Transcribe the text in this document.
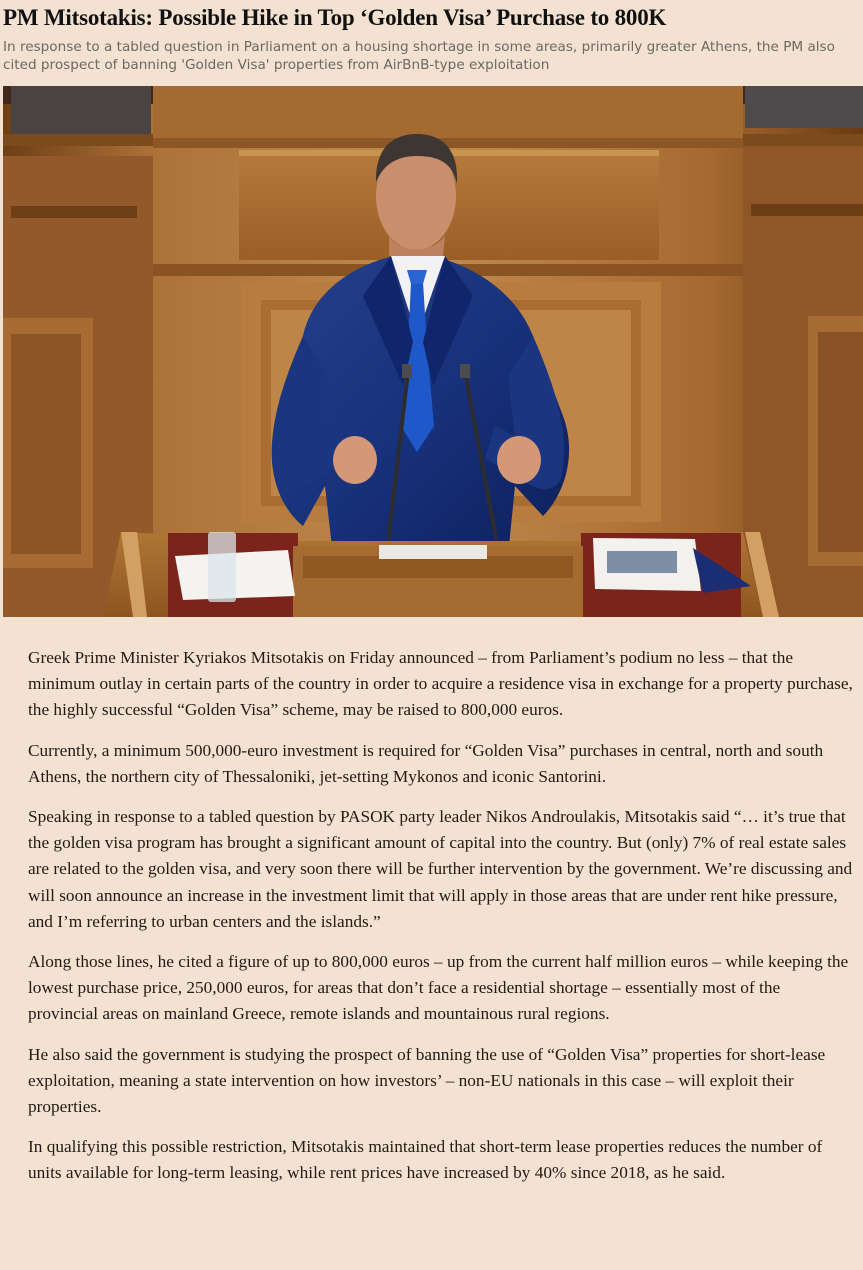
PM Mitsotakis: Possible Hike in Top ‘Golden Visa’ Purchase to 800K

In response to a tabled question in Parliament on a housing shortage in some areas, primarily greater Athens, the PM also cited prospect of banning 'Golden Visa' properties from AirBnB-type exploitation

Greek Prime Minister Kyriakos Mitsotakis on Friday announced – from Parliament’s podium no less – that the minimum outlay in certain parts of the country in order to acquire a residence visa in exchange for a property purchase, the highly successful “Golden Visa” scheme, may be raised to 800,000 euros.

Currently, a minimum 500,000-euro investment is required for “Golden Visa” purchases in central, north and south Athens, the northern city of Thessaloniki, jet-setting Mykonos and iconic Santorini.

Speaking in response to a tabled question by PASOK party leader Nikos Androulakis, Mitsotakis said “… it’s true that the golden visa program has brought a significant amount of capital into the country. But (only) 7% of real estate sales are related to the golden visa, and very soon there will be further intervention by the government. We’re discussing and will soon announce an increase in the investment limit that will apply in those areas that are under rent hike pressure, and I’m referring to urban centers and the islands.”

Along those lines, he cited a figure of up to 800,000 euros – up from the current half million euros – while keeping the lowest purchase price, 250,000 euros, for areas that don’t face a residential shortage – essentially most of the provincial areas on mainland Greece, remote islands and mountainous rural regions.

He also said the government is studying the prospect of banning the use of “Golden Visa” properties for short-lease exploitation, meaning a state intervention on how investors’ – non-EU nationals in this case – will exploit their properties.

In qualifying this possible restriction, Mitsotakis maintained that short-term lease properties reduces the number of units available for long-term leasing, while rent prices have increased by 40% since 2018, as he said.
